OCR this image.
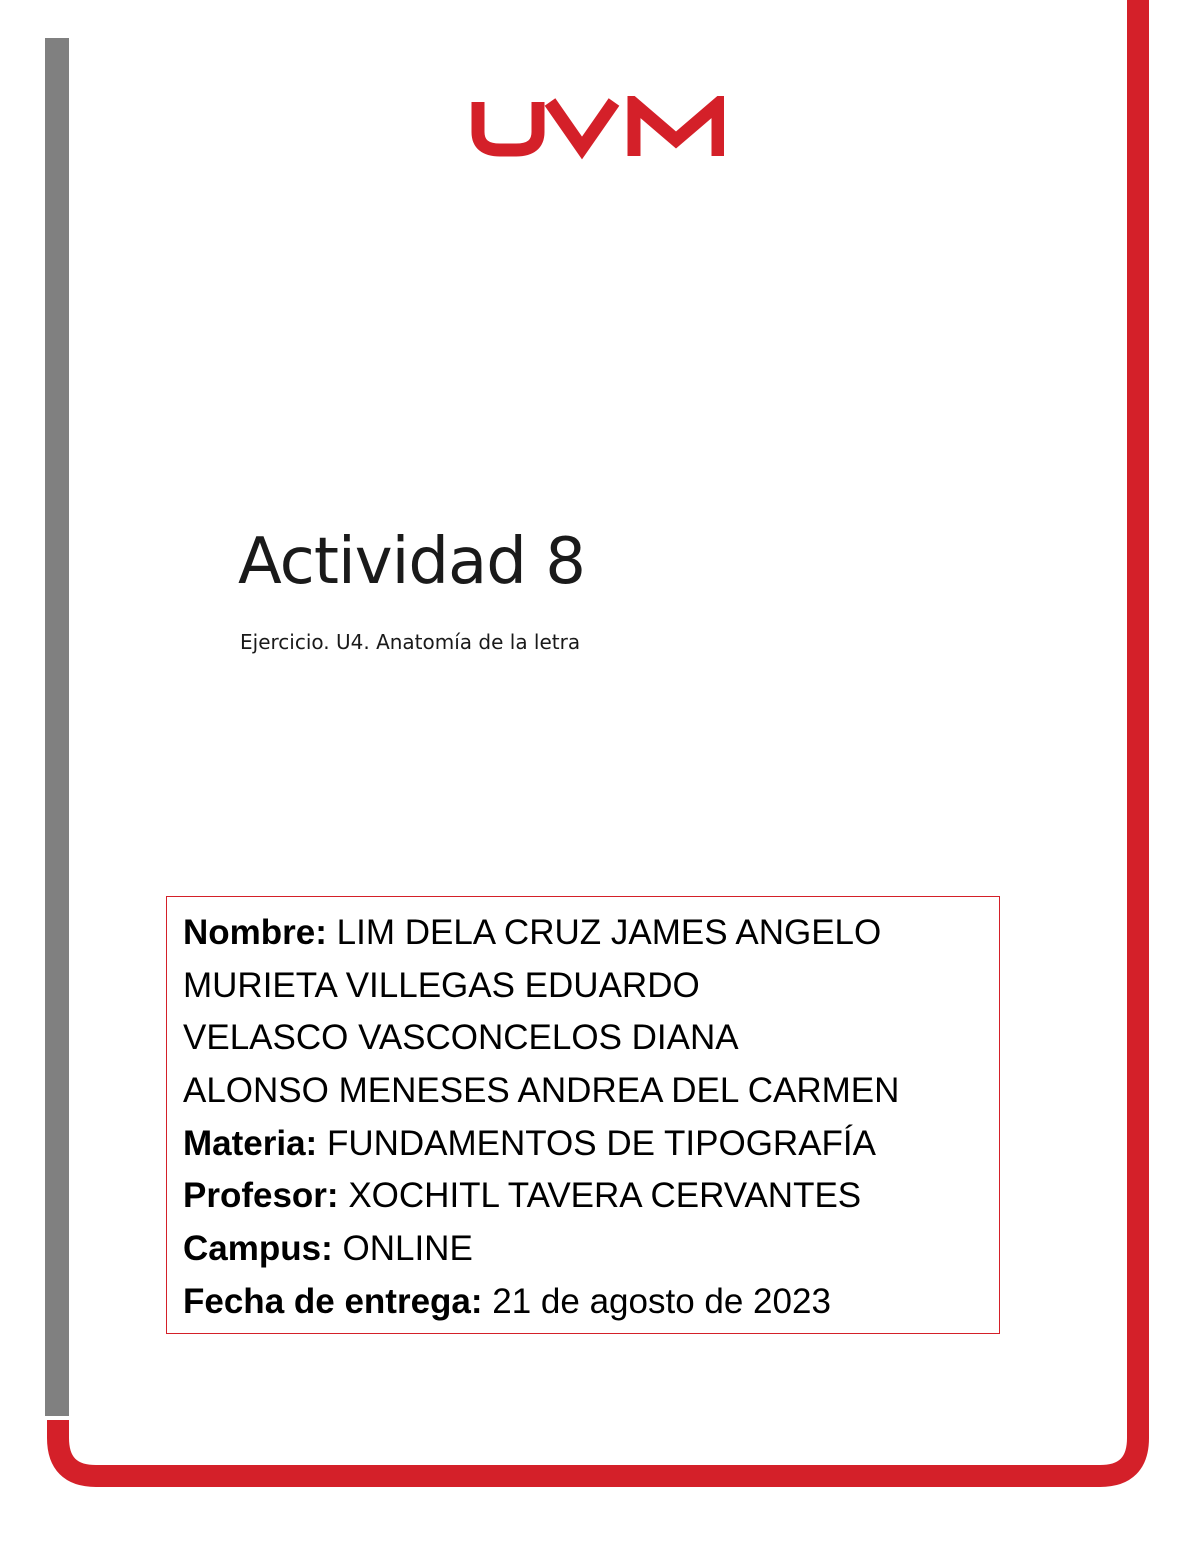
Actividad 8

Ejercicio. U4. Anatomía de la letra

Nombre: LIM DELA CRUZ JAMES ANGELO
MURIETA VILLEGAS EDUARDO
VELASCO VASCONCELOS DIANA
ALONSO MENESES ANDREA DEL CARMEN
Materia: FUNDAMENTOS DE TIPOGRAFÍA
Profesor: XOCHITL TAVERA CERVANTES
Campus: ONLINE
Fecha de entrega: 21 de agosto de 2023
